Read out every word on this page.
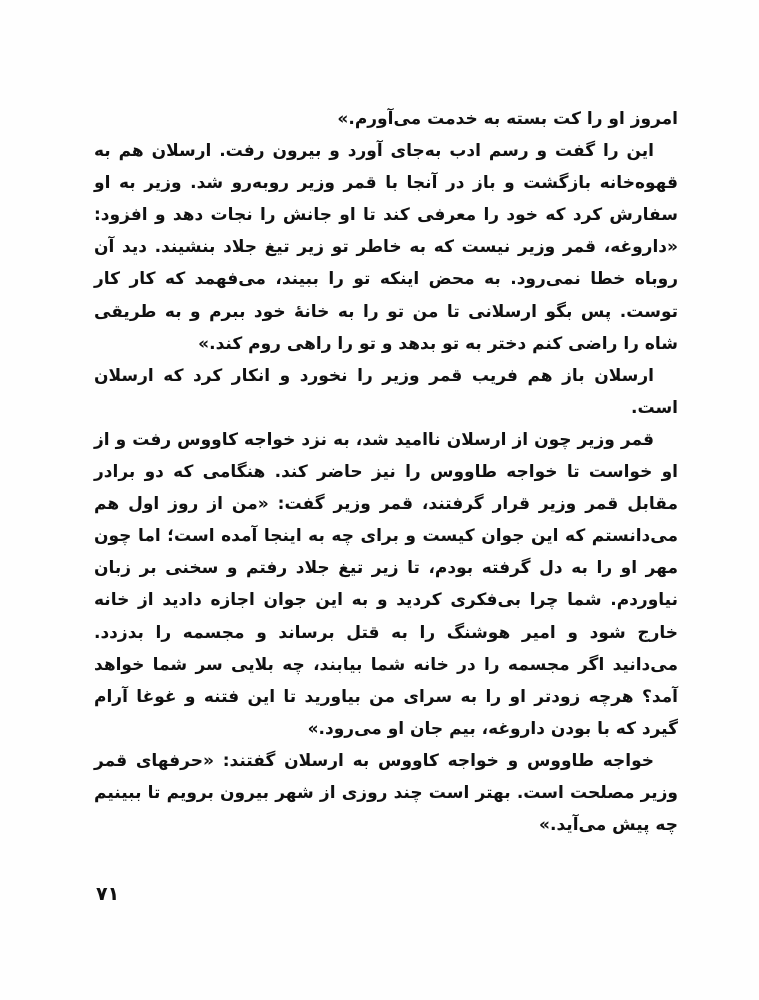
امروز او را کت بسته به خدمت می‌آورم.»

این را گفت و رسم ادب به‌جای آورد و بیرون رفت. ارسلان هم به قهوه‌خانه بازگشت و باز در آنجا با قمر وزیر روبه‌رو شد. وزیر به او سفارش کرد که خود را معرفی کند تا او جانش را نجات دهد و افزود: «داروغه، قمر وزیر نیست که به خاطر تو زیر تیغ جلاد بنشیند. دید آن روباه خطا نمی‌رود. به محض اینکه تو را ببیند، می‌فهمد که کار کار توست. پس بگو ارسلانی تا من تو را به خانهٔ خود ببرم و به طریقی شاه را راضی کنم دختر به تو بدهد و تو را راهی روم کند.»

ارسلان باز هم فریب قمر وزیر را نخورد و انکار کرد که ارسلان است.

قمر وزیر چون از ارسلان ناامید شد، به نزد خواجه کاووس رفت و از او خواست تا خواجه طاووس را نیز حاضر کند. هنگامی که دو برادر مقابل قمر وزیر قرار گرفتند، قمر وزیر گفت: «من از روز اول هم می‌دانستم که این جوان کیست و برای چه به اینجا آمده است؛ اما چون مهر او را به دل گرفته بودم، تا زیر تیغ جلاد رفتم و سخنی بر زبان نیاوردم. شما چرا بی‌فکری کردید و به این جوان اجازه دادید از خانه خارج شود و امیر هوشنگ را به قتل برساند و مجسمه را بدزدد. می‌دانید اگر مجسمه را در خانه شما بیابند، چه بلایی سر شما خواهد آمد؟ هرچه زودتر او را به سرای من بیاورید تا این فتنه و غوغا آرام گیرد که با بودن داروغه، بیم جان او می‌رود.»

خواجه طاووس و خواجه کاووس به ارسلان گفتند: «حرفهای قمر وزیر مصلحت است. بهتر است چند روزی از شهر بیرون برویم تا ببینیم چه پیش می‌آید.»

۷۱
